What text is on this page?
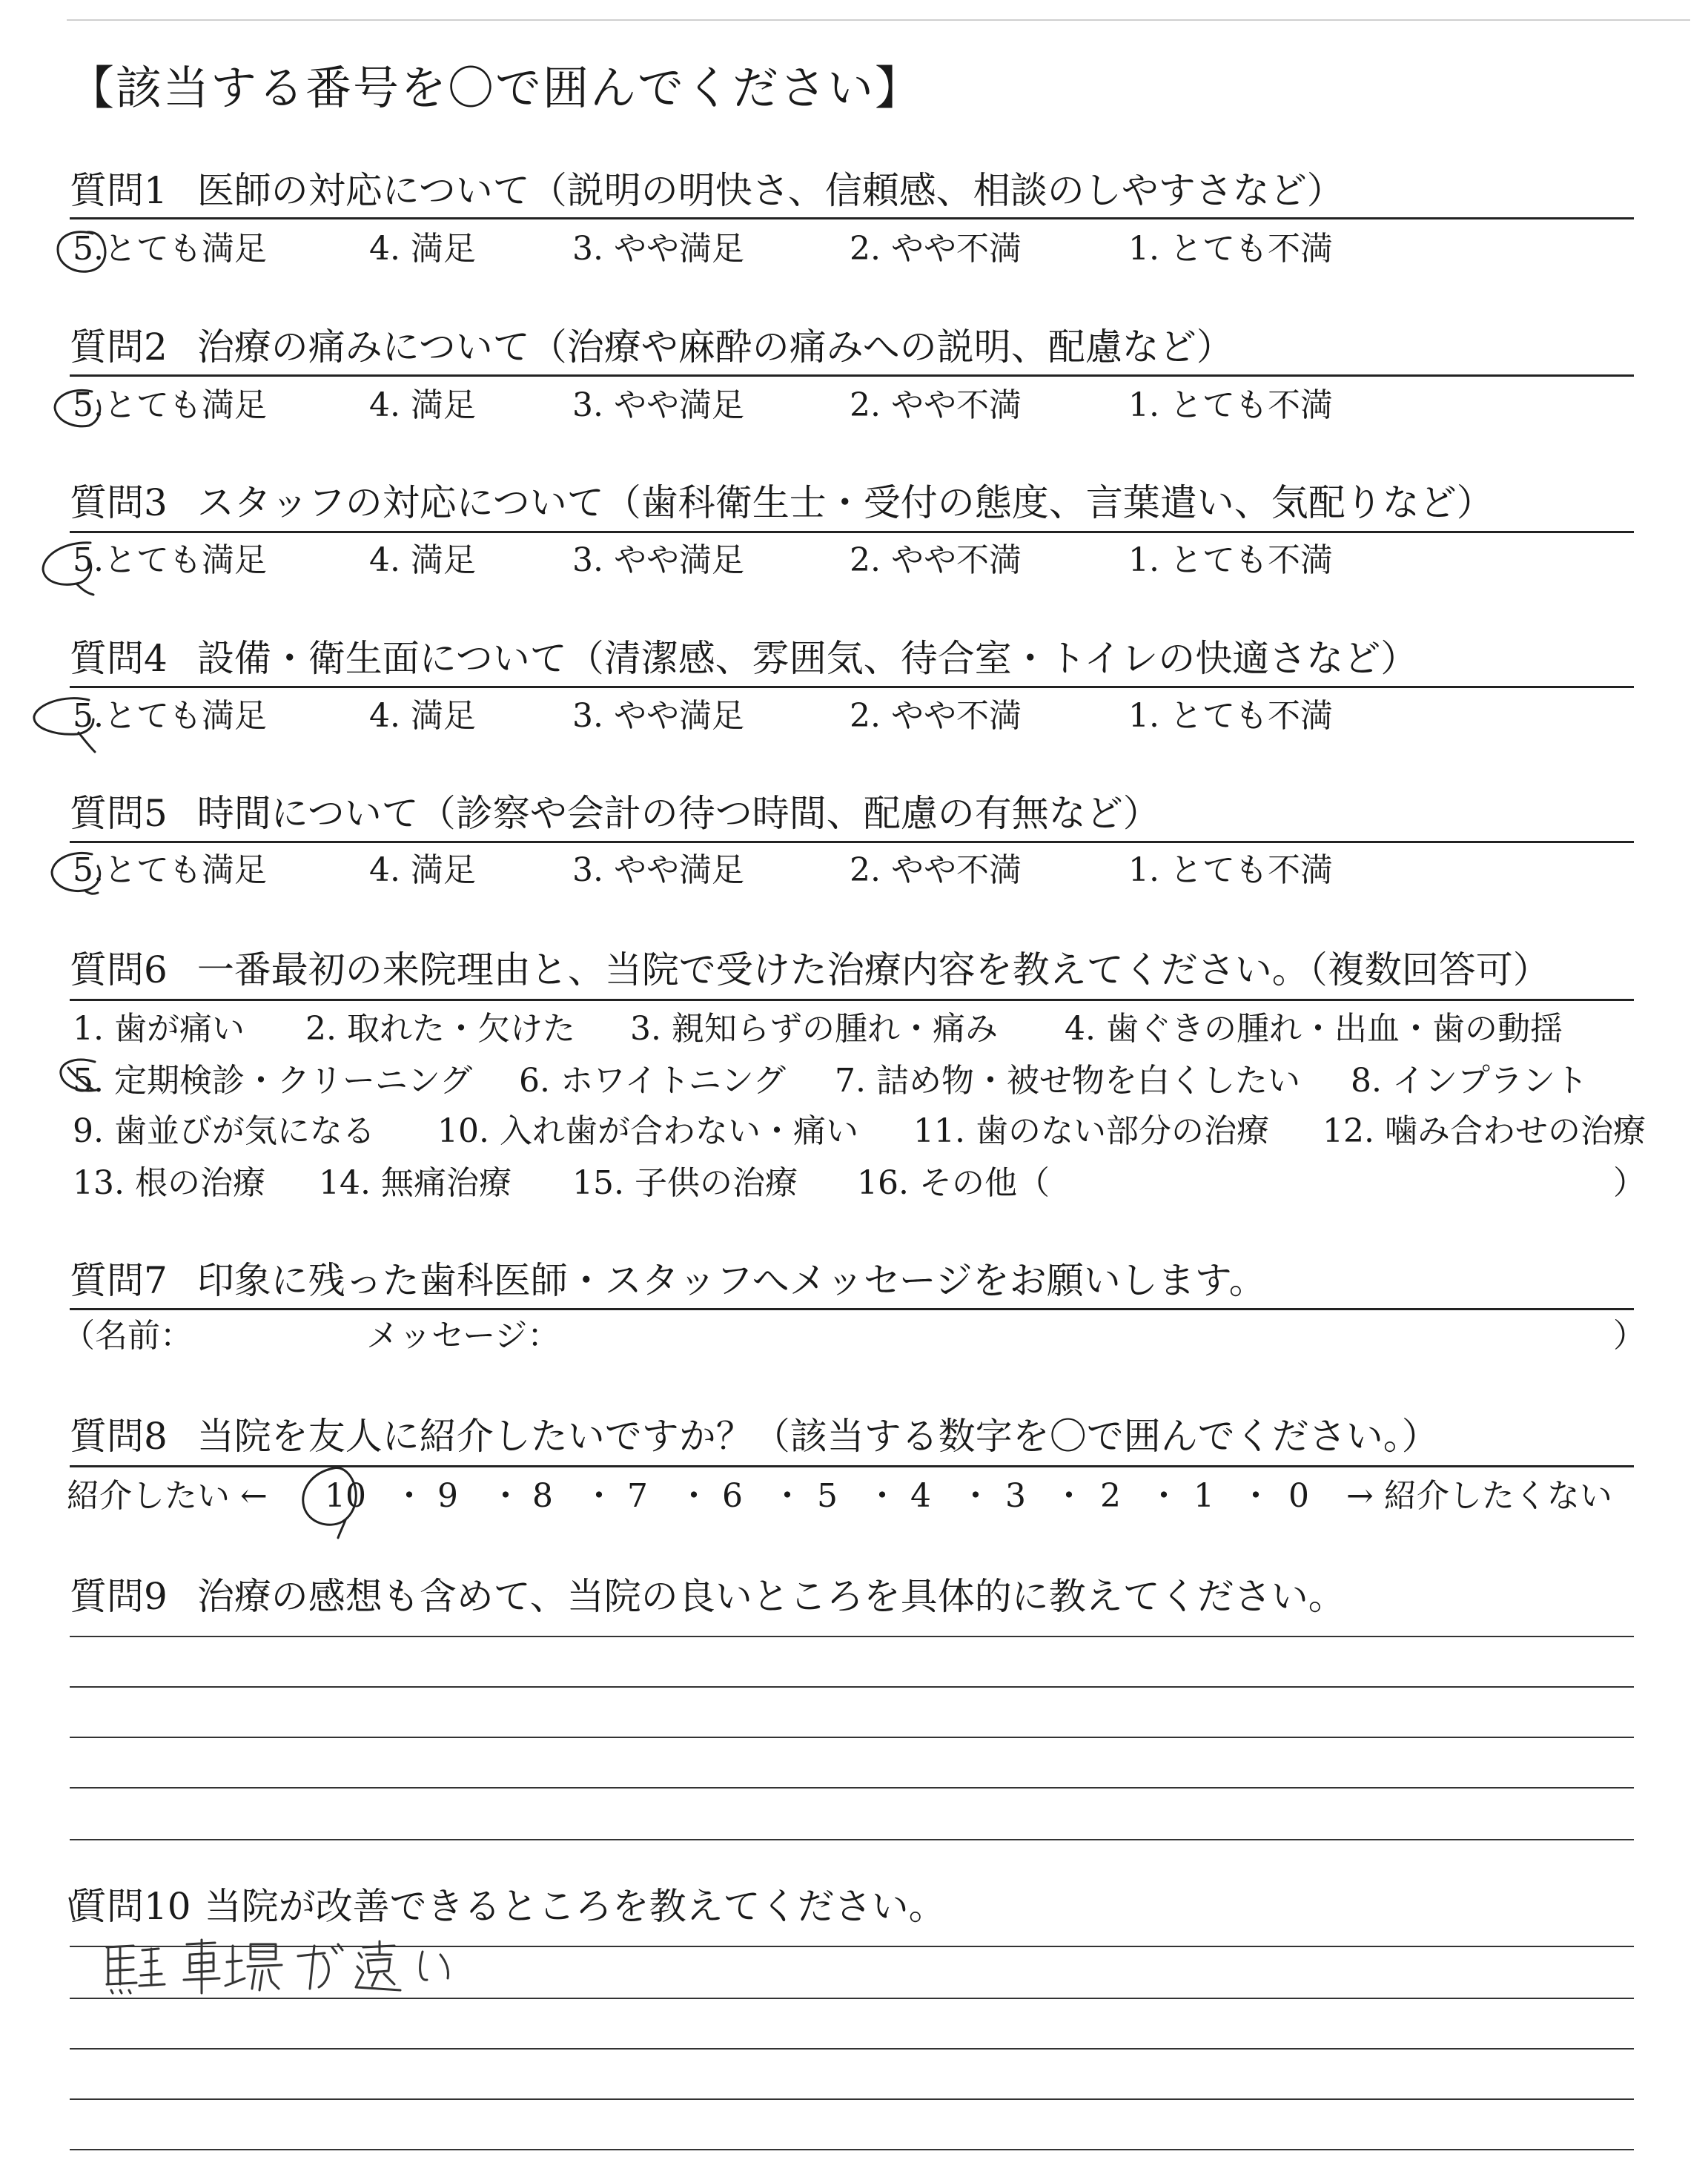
【該当する番号を〇で囲んでください】
質問1 医師の対応について（説明の明快さ、信頼感、相談のしやすさなど）
5.とても満足	4. 満足	3. やや満足	2. やや不満	1. とても不満
質問2 治療の痛みについて（治療や麻酔の痛みへの説明、配慮など）
5.とても満足	4. 満足	3. やや満足	2. やや不満	1. とても不満
質問3 スタッフの対応について（歯科衛生士・受付の態度、言葉遣い、気配りなど）
5.とても満足	4. 満足	3. やや満足	2. やや不満	1. とても不満
質問4 設備・衛生面について（清潔感、雰囲気、待合室・トイレの快適さなど）
5.とても満足	4. 満足	3. やや満足	2. やや不満	1. とても不満
質問5 時間について（診察や会計の待つ時間、配慮の有無など）
5.とても満足	4. 満足	3. やや満足	2. やや不満	1. とても不満
質問6 一番最初の来院理由と、当院で受けた治療内容を教えてください。（複数回答可）
1. 歯が痛い 2. 取れた・欠けた 3. 親知らずの腫れ・痛み 4. 歯ぐきの腫れ・出血・歯の動揺
5. 定期検診・クリーニング 6. ホワイトニング 7. 詰め物・被せ物を白くしたい 8. インプラント
9. 歯並びが気になる 10. 入れ歯が合わない・痛い 11. 歯のない部分の治療 12. 噛み合わせの治療
13. 根の治療 14. 無痛治療 15. 子供の治療 16. その他（	）
質問7 印象に残った歯科医師・スタッフへメッセージをお願いします。
（名前：	メッセージ：	）
質問8 当院を友人に紹介したいですか？（該当する数字を〇で囲んでください。）
紹介したい ← 10 ・ 9 ・ 8 ・ 7 ・ 6 ・ 5 ・ 4 ・ 3 ・ 2 ・ 1 ・ 0 → 紹介したくない
質問9 治療の感想も含めて、当院の良いところを具体的に教えてください。
質問10 当院が改善できるところを教えてください。
